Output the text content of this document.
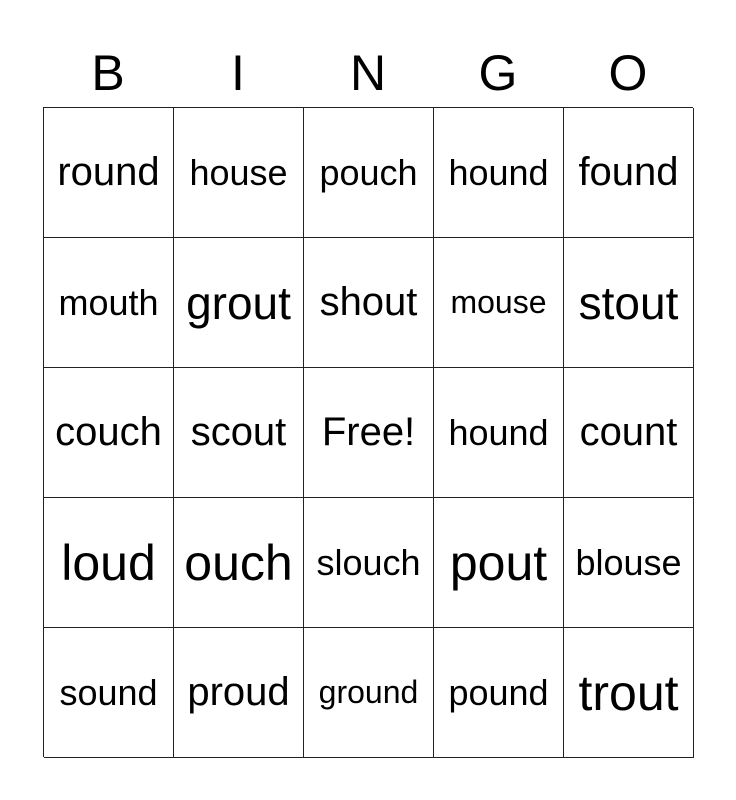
B	I	N	G	O
round house pouch hound found
mouth grout shout	mouse stout
couch scout Free! hound count
loud ouch slouch pout blouse
sound proud ground pound trout
